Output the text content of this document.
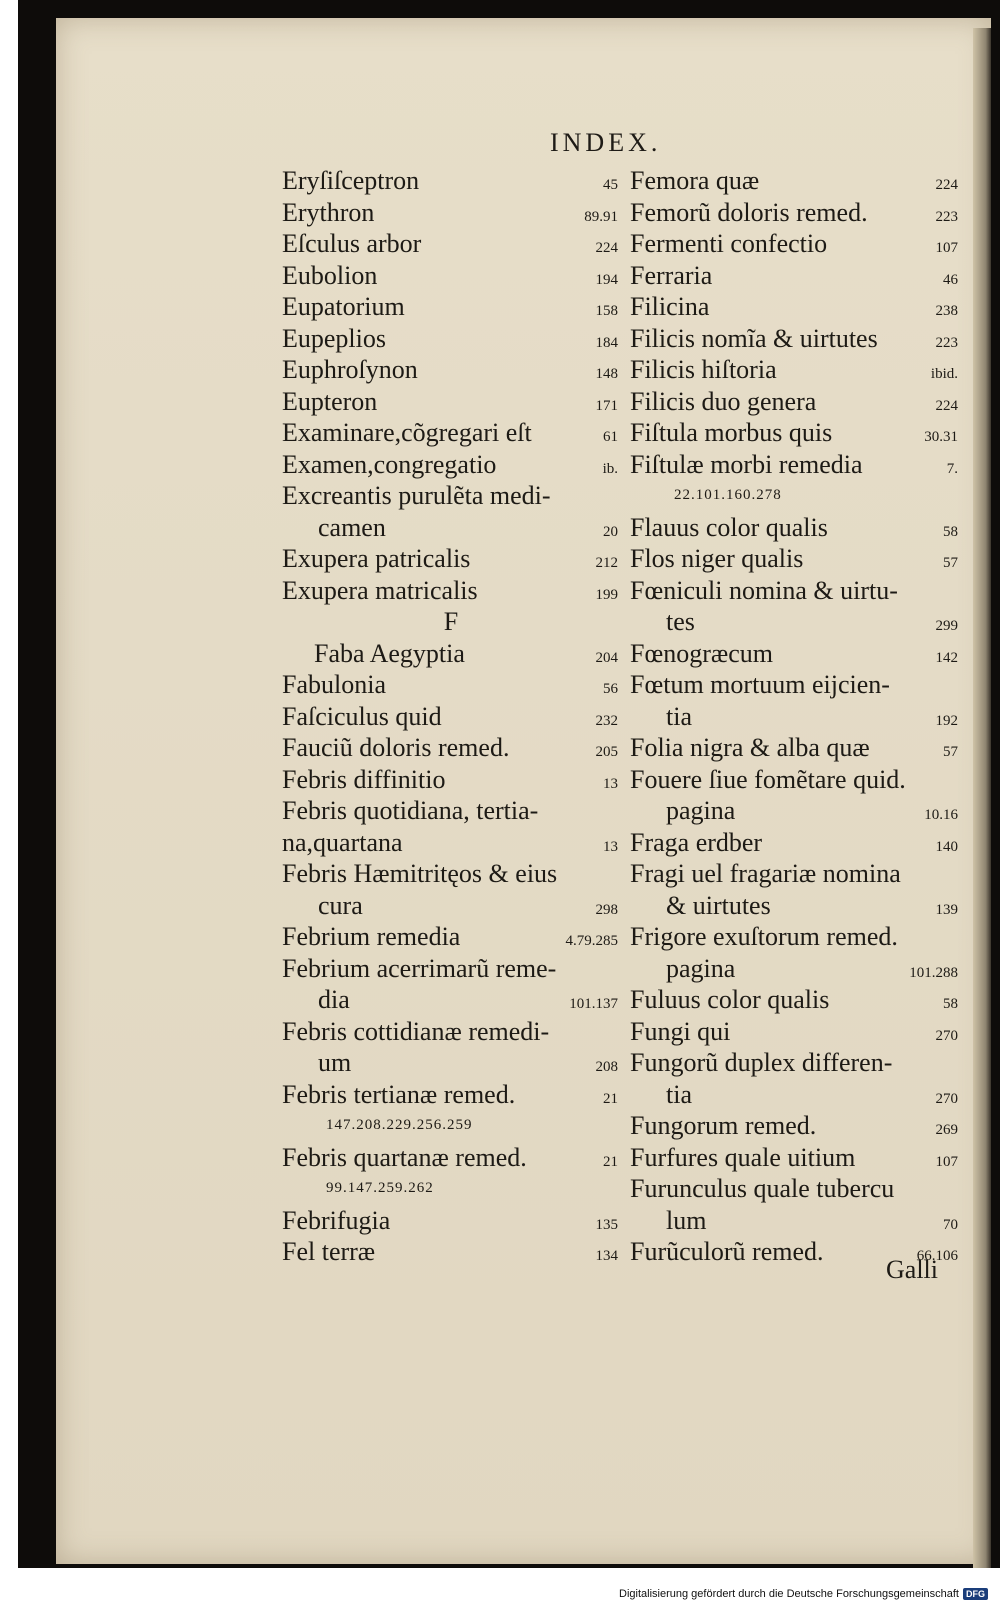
INDEX.
Eryſiſceptron	45
Erythron	89.91
Eſculus arbor	224
Eubolion	194
Eupatorium	158
Eupeplios	184
Euphroſynon	148
Eupteron	171
Examinare,cõgregari eſt	61
Examen,congregatio	ib.
Excreantis purulẽta medi-
camen	20
Exupera patricalis	212
Exupera matricalis	199
F
Faba Aegyptia	204
Fabulonia	56
Faſciculus quid	232
Fauciũ doloris remed.	205
Febris diffinitio	13
Febris quotidiana, tertia-
na,quartana	13
Febris Hæmitritęos & eius
cura	298
Febrium remedia	4.79.285
Febrium acerrimarũ reme-
dia	101.137
Febris cottidianæ remedi-
um	208
Febris tertianæ remed.	21
147.208.229.256.259
Febris quartanæ remed.	21
99.147.259.262
Febrifugia	135
Fel terræ	134
Femora quæ	224
Femorũ doloris remed.	223
Fermenti confectio	107
Ferraria	46
Filicina	238
Filicis nomĩa & uirtutes	223
Filicis hiſtoria	ibid.
Filicis duo genera	224
Fiſtula morbus quis	30.31
Fiſtulæ morbi remedia	7.
22.101.160.278
Flauus color qualis	58
Flos niger qualis	57
Fœniculi nomina & uirtu-
tes	299
Fœnogræcum	142
Fœtum mortuum eijcien-
tia	192
Folia nigra & alba quæ	57
Fouere ſiue fomẽtare quid.
pagina	10.16
Fraga erdber	140
Fragi uel fragariæ nomina
& uirtutes	139
Frigore exuſtorum remed.
pagina	101.288
Fuluus color qualis	58
Fungi qui	270
Fungorũ duplex differen-
tia	270
Fungorum remed.	269
Furfures quale uitium	107
Furunculus quale tubercu
lum	70
Furũculorũ remed.	66.106
Galli
Digitalisierung gefördert durch die Deutsche Forschungsgemeinschaft DFG
